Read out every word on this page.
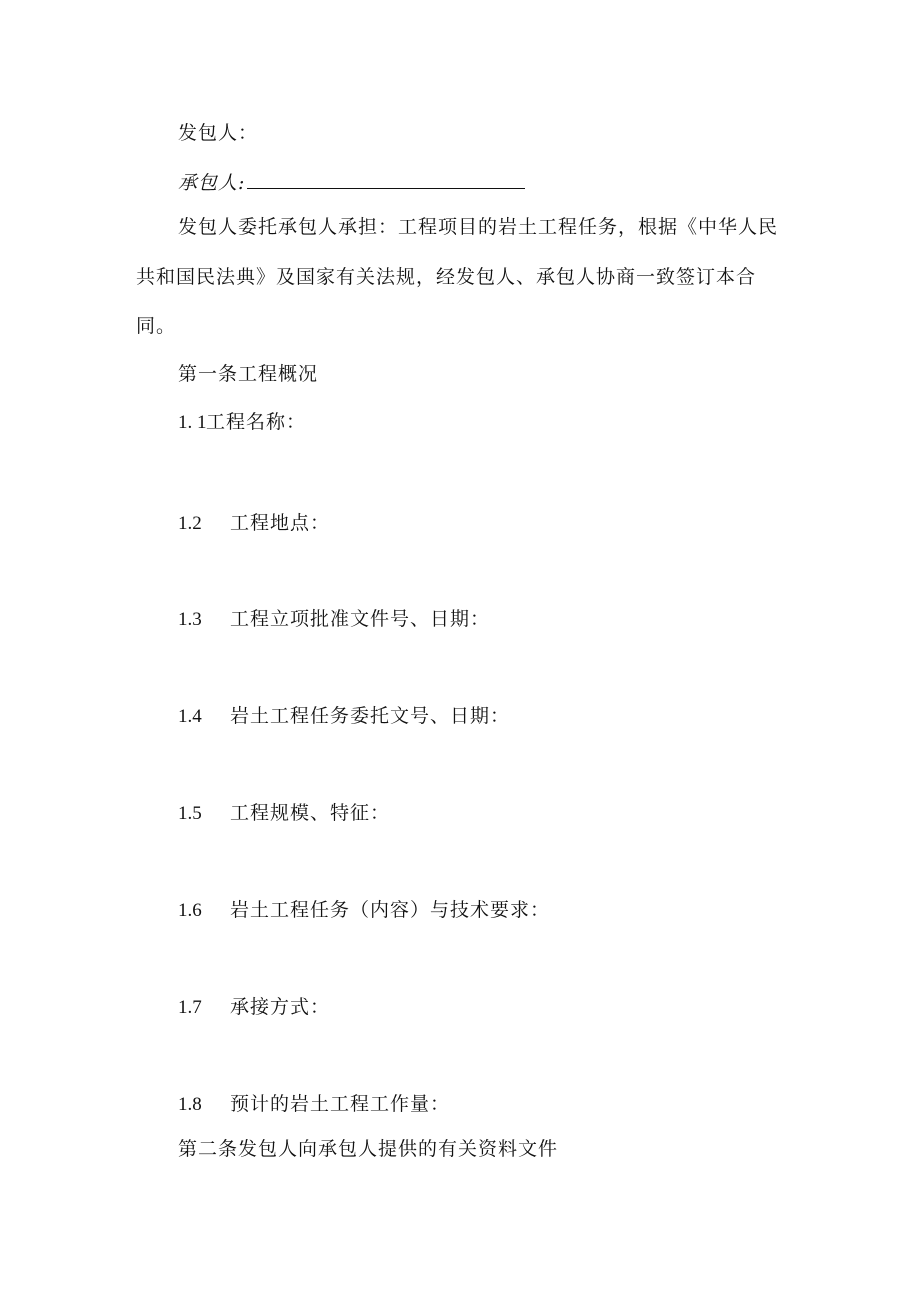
发包人：
承包人:
发包人委托承包人承担：工程项目的岩土工程任务，根据《中华人民
共和国民法典》及国家有关法规，经发包人、承包人协商一致签订本合
同。
第一条工程概况
1. 1工程名称：
1.2 工程地点：
1.3 工程立项批准文件号、日期：
1.4 岩土工程任务委托文号、日期：
1.5 工程规模、特征：
1.6 岩土工程任务（内容）与技术要求：
1.7 承接方式：
1.8 预计的岩土工程工作量：
第二条发包人向承包人提供的有关资料文件
